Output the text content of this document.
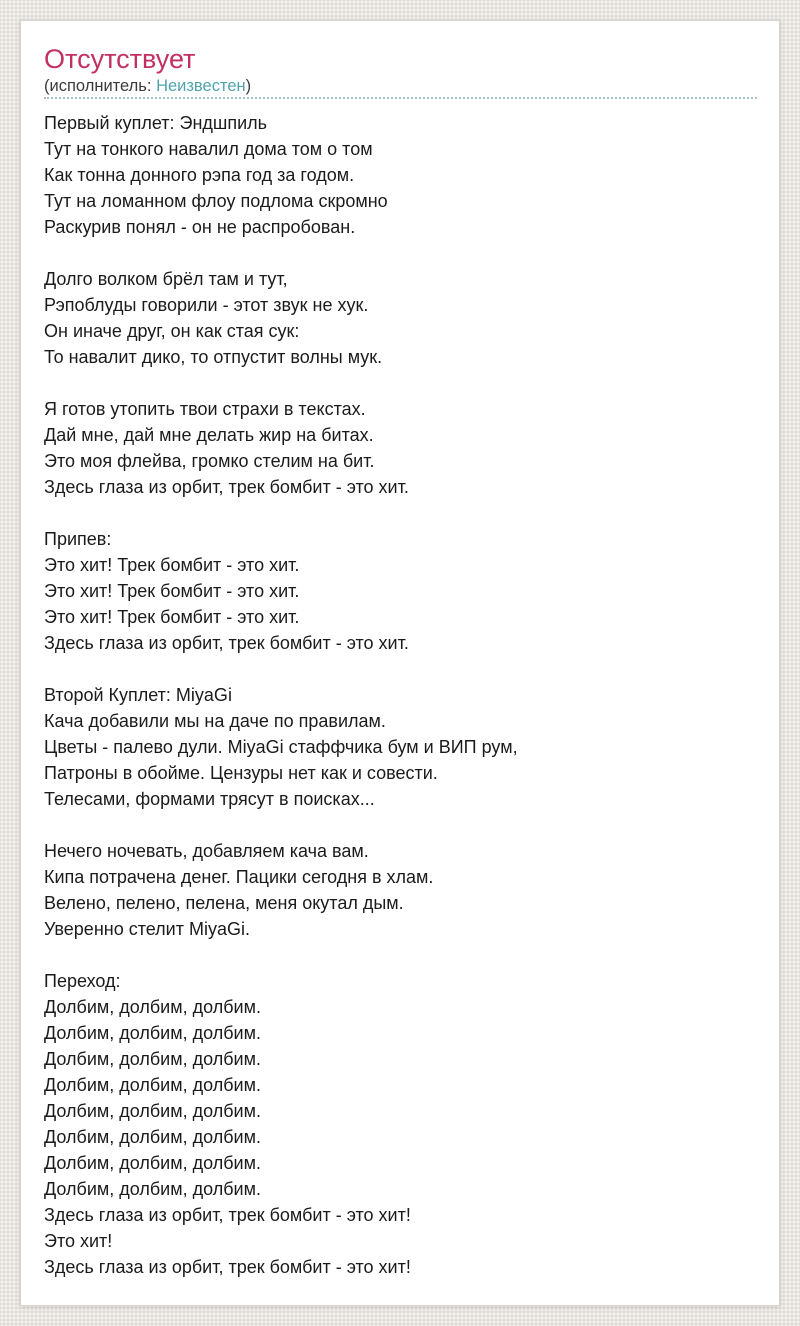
Отсутствует
(исполнитель: Неизвестен)
Первый куплет: Эндшпиль
Тут на тонкого навалил дома том о том
Как тонна донного рэпа год за годом.
Тут на ломанном флоу подлома скромно
Раскурив понял - он не распробован.

Долго волком брёл там и тут,
Рэпоблуды говорили - этот звук не хук.
Он иначе друг, он как стая сук:
То навалит дико, то отпустит волны мук.

Я готов утопить твои страхи в текстах.
Дай мне, дай мне делать жир на битах.
Это моя флейва, громко стелим на бит.
Здесь глаза из орбит, трек бомбит - это хит.

Припев:
Это хит! Трек бомбит - это хит.
Это хит! Трек бомбит - это хит.
Это хит! Трек бомбит - это хит.
Здесь глаза из орбит, трек бомбит - это хит.

Второй Куплет: MiyaGi
Кача добавили мы на даче по правилам.
Цветы - палево дули. MiyaGi стаффчика бум и ВИП рум,
Патроны в обойме. Цензуры нет как и совести.
Телесами, формами трясут в поисках...

Нечего ночевать, добавляем кача вам.
Кипа потрачена денег. Пацики сегодня в хлам.
Велено, пелено, пелена, меня окутал дым.
Уверенно стелит MiyaGi.

Переход:
Долбим, долбим, долбим.
Долбим, долбим, долбим.
Долбим, долбим, долбим.
Долбим, долбим, долбим.
Долбим, долбим, долбим.
Долбим, долбим, долбим.
Долбим, долбим, долбим.
Долбим, долбим, долбим.
Здесь глаза из орбит, трек бомбит - это хит!
Это хит!
Здесь глаза из орбит, трек бомбит - это хит!
